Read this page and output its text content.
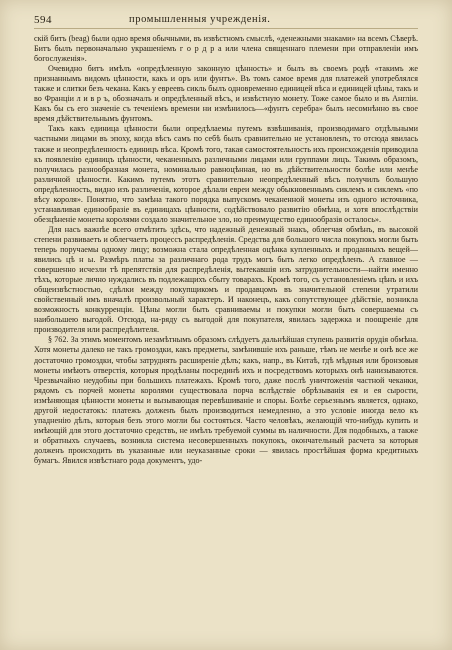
594	промышленныя учрежденія.

скій битъ (beag) были одно время обычными, въ извѣстномъ смыслѣ, «денежными знаками» на всемъ Сѣверѣ. Битъ былъ первоначально украшеніемъ г о р д р а или члена священнаго племени при отправленіи имъ богослуженія».

Очевидно битъ имѣлъ «опредѣленную законную цѣнность» и былъ въ своемъ родѣ «такимъ же признаннымъ видомъ цѣнности, какъ и оръ или фунтъ». Въ томъ самое время для платежей употреблялся также и слитки безъ чекана. Какъ у евреевъ сикль былъ одновременно единицей вѣса и единицей цѣны, такъ и во Франціи л и в р ъ, обозначалъ и опредѣленный вѣсъ, и извѣстную монету. Тоже самое было и въ Англіи. Какъ бы съ его значеніе съ теченіемъ времени ни измѣнилось—«фунтъ серебра» былъ несомнѣнно въ свое время дѣйствительнымъ фунтомъ.

Такъ какъ единица цѣнности были опредѣлаемы путемъ взвѣшиванія, производимаго отдѣльными частными лицами въ эпоху, когда вѣсъ самъ по себѣ былъ сравнительно не установленъ, то отсюда явилась также и неопредѣленность единицъ вѣса. Кромѣ того, такая самостоятельность ихъ происхожденія приводила къ появленію единицъ цѣнности, чеканенныхъ различными лицами или группами лицъ. Такимъ образомъ, получилась разнообразная монета, номинально равноцѣнная, но въ дѣйствительности болѣе или менѣе различной цѣнности. Какимъ путемъ этотъ сравнительно неопредѣленный вѣсъ получилъ большую опредѣленность, видно изъ различенія, которое дѣлали евреи между обыкновеннымъ сиклемъ и сиклемъ «по вѣсу короля». Понятно, что замѣна такого порядка выпускомъ чеканенной монеты изъ одного источника, устанавливая единообразіе въ единицахъ цѣнности, содѣйствовало развитію обмѣна, и хотя впослѣдствіи обезцѣненіе монеты королями создало значительное зло, но преимущество единообразія осталось».

Для насъ важнѣе всего отмѣтить здѣсь, что надежный денежный знакъ, облегчая обмѣнъ, въ высокой степени развиваетъ и облегчаетъ процессъ распредѣленія. Средства для большого числа покупокъ могли быть теперь поручаемы одному лицу; возможна стала опредѣленная оцѣнка купленныхъ и проданныхъ вещей—явились цѣ н ы. Размѣръ платы за различнаго рода трудъ могъ быть легко опредѣленъ. А главное — совершенно исчезли тѣ препятствія для распредѣленія, вытекавшія изъ затруднительности—найти именно тѣхъ, которые лично нуждались въ подлежащихъ сбыту товарахъ. Кромѣ того, съ установленіемъ цѣнъ и ихъ общеизвѣстностью, сдѣлки между покупщикомъ и продавцомъ въ значительной степени утратили свойственный имъ вначалѣ произвольный характеръ. И наконецъ, какъ сопутствующее дѣйствіе, возникла возможность конкурренціи. Цѣны могли быть сравниваемы и покупки могли быть совершаемы съ наибольшею выгодой. Отсюда, на-ряду съ выгодой для покупателя, явилась задержка и поощреніе для производителя или распредѣлителя.

§ 762. За этимъ моментомъ незамѣтнымъ образомъ слѣдуетъ дальнѣйшая ступень развитія орудія обмѣна. Хотя монеты далеко не такъ громоздки, какъ предметы, замѣнившіе ихъ раньше, тѣмъ не менѣе и онѣ все же достаточно громоздки, чтобы затруднять расширеніе дѣлъ; какъ, напр., въ Китаѣ, гдѣ мѣдныя или бронзовыя монеты имѣютъ отверстія, которыя продѣланы посрединѣ ихъ и посредствомъ которыхъ онѣ нанизываются. Чрезвычайно неудобны при большихъ платежахъ. Кромѣ того, даже послѣ уничтоженія частной чеканки, рядомъ съ порчей монеты королями существовала порча вслѣдствіе обрѣзыванія ея и ея сырости, измѣняющая цѣнности монеты и вызывающая перевѣшиваніе и споры. Болѣе серьезнымъ является, однако, другой недостатокъ: платежъ долженъ былъ производиться немедленно, а это условіе иногда вело къ упадненію дѣлъ, которыя безъ этого могли бы состояться. Часто человѣкъ, желающій что-нибудь купить и имѣющій для этого достаточно средствъ, не имѣлъ требуемой суммы въ наличности. Для подобныхъ, а также и обратныхъ случаевъ, возникла система несовершенныхъ покупокъ, окончательный расчета за которыя долженъ происходить въ указанные или неуказанные сроки — явилась простѣйшая форма кредитныхъ бумагъ. Явился извѣстнаго рода документъ, удо-
